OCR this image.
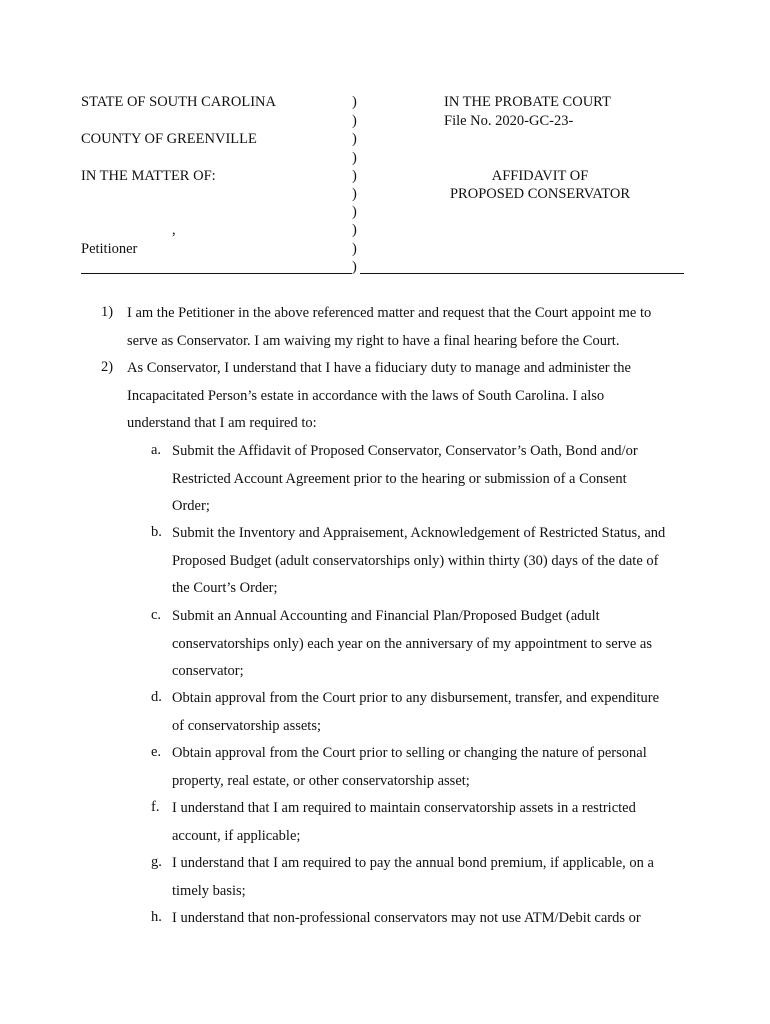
STATE OF SOUTH CAROLINA
COUNTY OF GREENVILLE
IN THE MATTER OF:
,
Petitioner
)
)
)
)
)
)
)
)
)
)
IN THE PROBATE COURT
File No. 2020-GC-23-
AFFIDAVIT OF
PROPOSED CONSERVATOR
1) I am the Petitioner in the above referenced matter and request that the Court appoint me to
serve as Conservator. I am waiving my right to have a final hearing before the Court.
2) As Conservator, I understand that I have a fiduciary duty to manage and administer the
Incapacitated Person’s estate in accordance with the laws of South Carolina. I also
understand that I am required to:
a. Submit the Affidavit of Proposed Conservator, Conservator’s Oath, Bond and/or
Restricted Account Agreement prior to the hearing or submission of a Consent
Order;
b. Submit the Inventory and Appraisement, Acknowledgement of Restricted Status, and
Proposed Budget (adult conservatorships only) within thirty (30) days of the date of
the Court’s Order;
c. Submit an Annual Accounting and Financial Plan/Proposed Budget (adult
conservatorships only) each year on the anniversary of my appointment to serve as
conservator;
d. Obtain approval from the Court prior to any disbursement, transfer, and expenditure
of conservatorship assets;
e. Obtain approval from the Court prior to selling or changing the nature of personal
property, real estate, or other conservatorship asset;
f. I understand that I am required to maintain conservatorship assets in a restricted
account, if applicable;
g. I understand that I am required to pay the annual bond premium, if applicable, on a
timely basis;
h. I understand that non-professional conservators may not use ATM/Debit cards or
